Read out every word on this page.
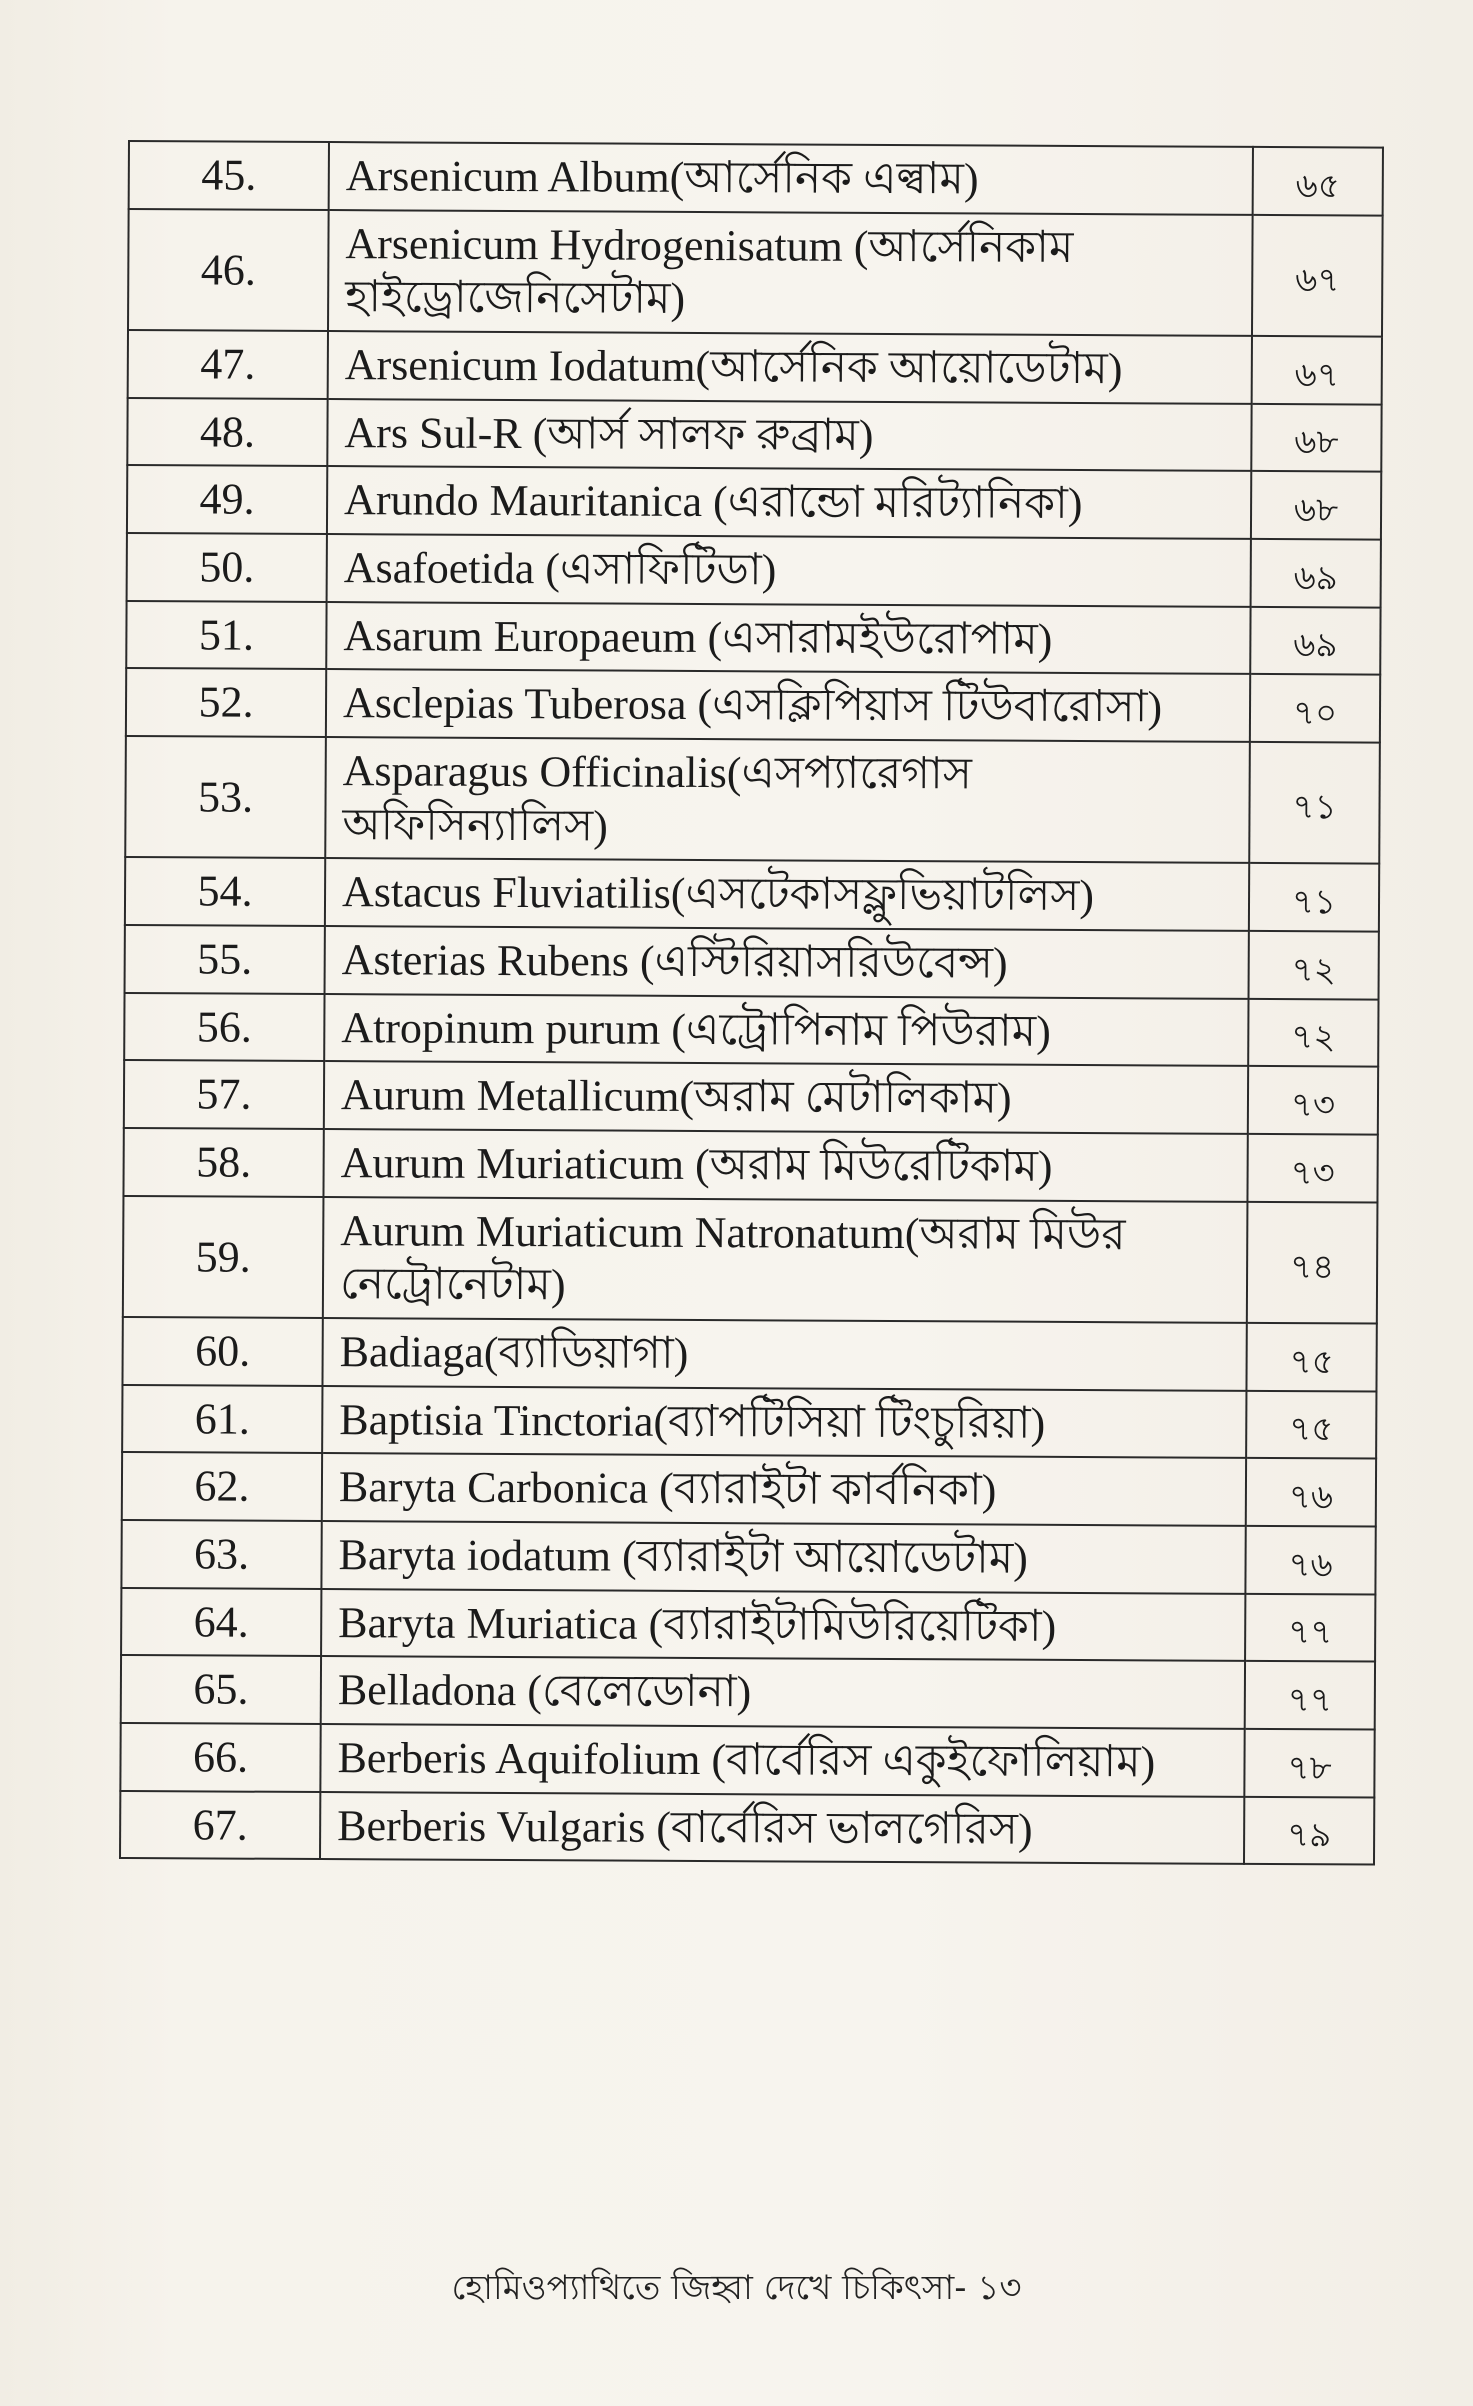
45.	Arsenicum Album(আর্সেনিক এল্বাম)	৬৫
46.	Arsenicum Hydrogenisatum (আর্সেনিকাম হাইড্রোজেনিসেটাম)	৬৭
47.	Arsenicum Iodatum(আর্সেনিক আয়োডেটাম)	৬৭
48.	Ars Sul-R (আর্স সালফ রুব্রাম)	৬৮
49.	Arundo Mauritanica (এরান্ডো মরিট্যানিকা)	৬৮
50.	Asafoetida (এসাফিটিডা)	৬৯
51.	Asarum Europaeum (এসারামইউরোপাম)	৬৯
52.	Asclepias Tuberosa (এসক্লিপিয়াস টিউবারোসা)	৭০
53.	Asparagus Officinalis(এসপ্যারেগাস অফিসিন্যালিস)	৭১
54.	Astacus Fluviatilis(এসটেকাসফ্লুভিয়াটলিস)	৭১
55.	Asterias Rubens (এস্টিরিয়াসরিউবেন্স)	৭২
56.	Atropinum purum (এট্রোপিনাম পিউরাম)	৭২
57.	Aurum Metallicum(অরাম মেটালিকাম)	৭৩
58.	Aurum Muriaticum (অরাম মিউরেটিকাম)	৭৩
59.	Aurum Muriaticum Natronatum(অরাম মিউর নেট্রোনেটাম)	৭৪
60.	Badiaga(ব্যাডিয়াগা)	৭৫
61.	Baptisia Tinctoria(ব্যাপটিসিয়া টিংচুরিয়া)	৭৫
62.	Baryta Carbonica (ব্যারাইটা কার্বনিকা)	৭৬
63.	Baryta iodatum (ব্যারাইটা আয়োডেটাম)	৭৬
64.	Baryta Muriatica (ব্যারাইটামিউরিয়েটিকা)	৭৭
65.	Belladona (বেলেডোনা)	৭৭
66.	Berberis Aquifolium (বার্বেরিস একুইফোলিয়াম)	৭৮
67.	Berberis Vulgaris (বার্বেরিস ভালগেরিস)	৭৯
হোমিওপ্যাথিতে জিহ্বা দেখে চিকিৎসা- ১৩
